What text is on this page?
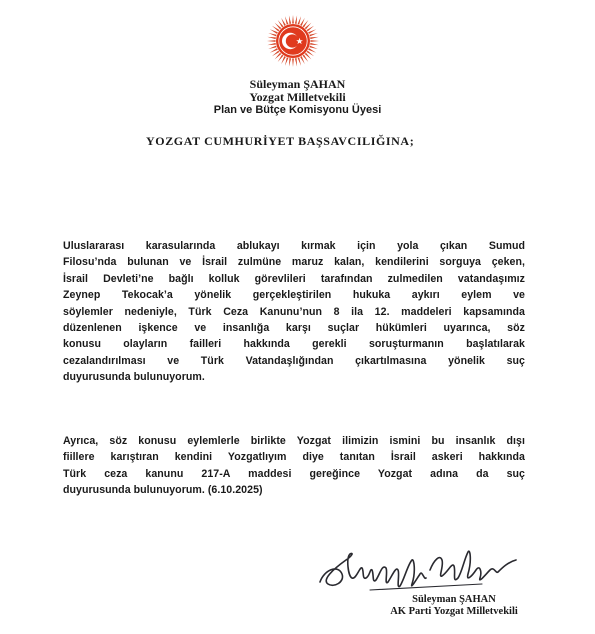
Süleyman ŞAHAN
Yozgat Milletvekili
Plan ve Bütçe Komisyonu Üyesi
YOZGAT CUMHURİYET BAŞSAVCILIĞINA;
Uluslararası karasularında ablukayı kırmak için yola çıkan Sumud
Filosu’nda bulunan ve İsrail zulmüne maruz kalan, kendilerini sorguya çeken,
İsrail Devleti’ne bağlı kolluk görevlileri tarafından zulmedilen vatandaşımız
Zeynep Tekocak’a yönelik gerçekleştirilen hukuka aykırı eylem ve
söylemler nedeniyle, Türk Ceza Kanunu’nun 8 ila 12. maddeleri kapsamında
düzenlenen işkence ve insanlığa karşı suçlar hükümleri uyarınca, söz
konusu olayların failleri hakkında gerekli soruşturmanın başlatılarak
cezalandırılması ve Türk Vatandaşlığından çıkartılmasına yönelik suç
duyurusunda bulunuyorum.
Ayrıca, söz konusu eylemlerle birlikte Yozgat ilimizin ismini bu insanlık dışı
fiillere karıştıran kendini Yozgatlıyım diye tanıtan İsrail askeri hakkında
Türk ceza kanunu 217-A maddesi gereğince Yozgat adına da suç
duyurusunda bulunuyorum. (6.10.2025)
Süleyman ŞAHAN
AK Parti Yozgat Milletvekili
